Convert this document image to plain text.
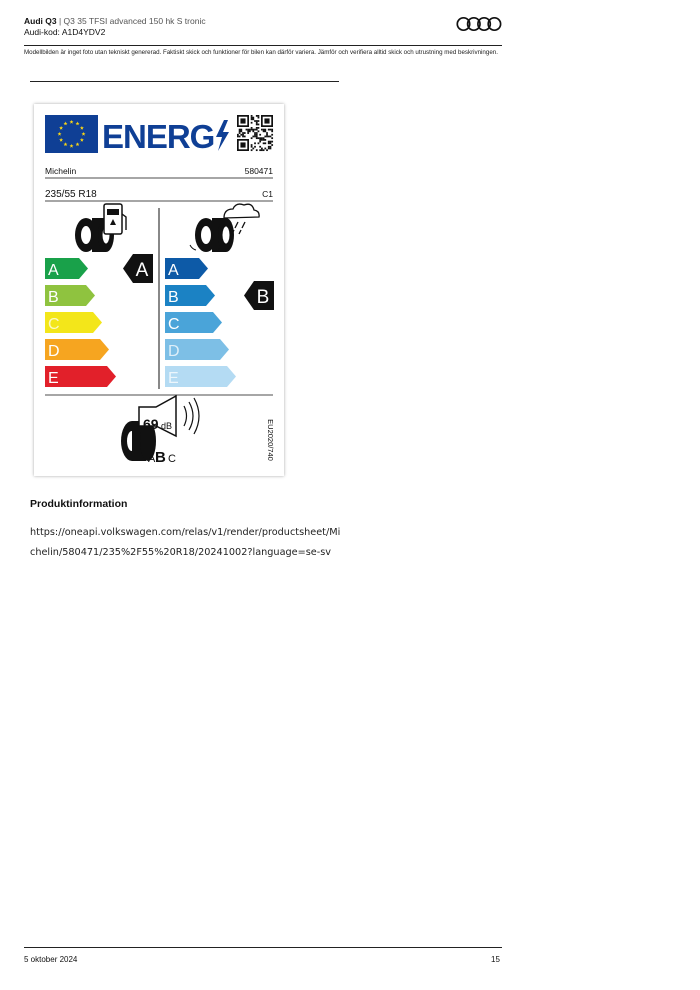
Audi Q3 | Q3 35 TFSI advanced 150 hk S tronic
Audi-kod: A1D4YDV2
Modellbilden är inget foto utan tekniskt genererad. Faktiskt skick och funktioner för bilen kan därför variera. Jämför och verifiera alltid skick och utrustning med beskrivningen.
ENERG
Michelin	580471
235/55 R18	C1
A
B
C
D
E
A A
B
C
D
E
B
69 dB
A B C	EU2020/740
Produktinformation
https://oneapi.volkswagen.com/relas/v1/render/productsheet/Mi
chelin/580471/235%2F55%20R18/20241002?language=se-sv
5 oktober 2024	15
